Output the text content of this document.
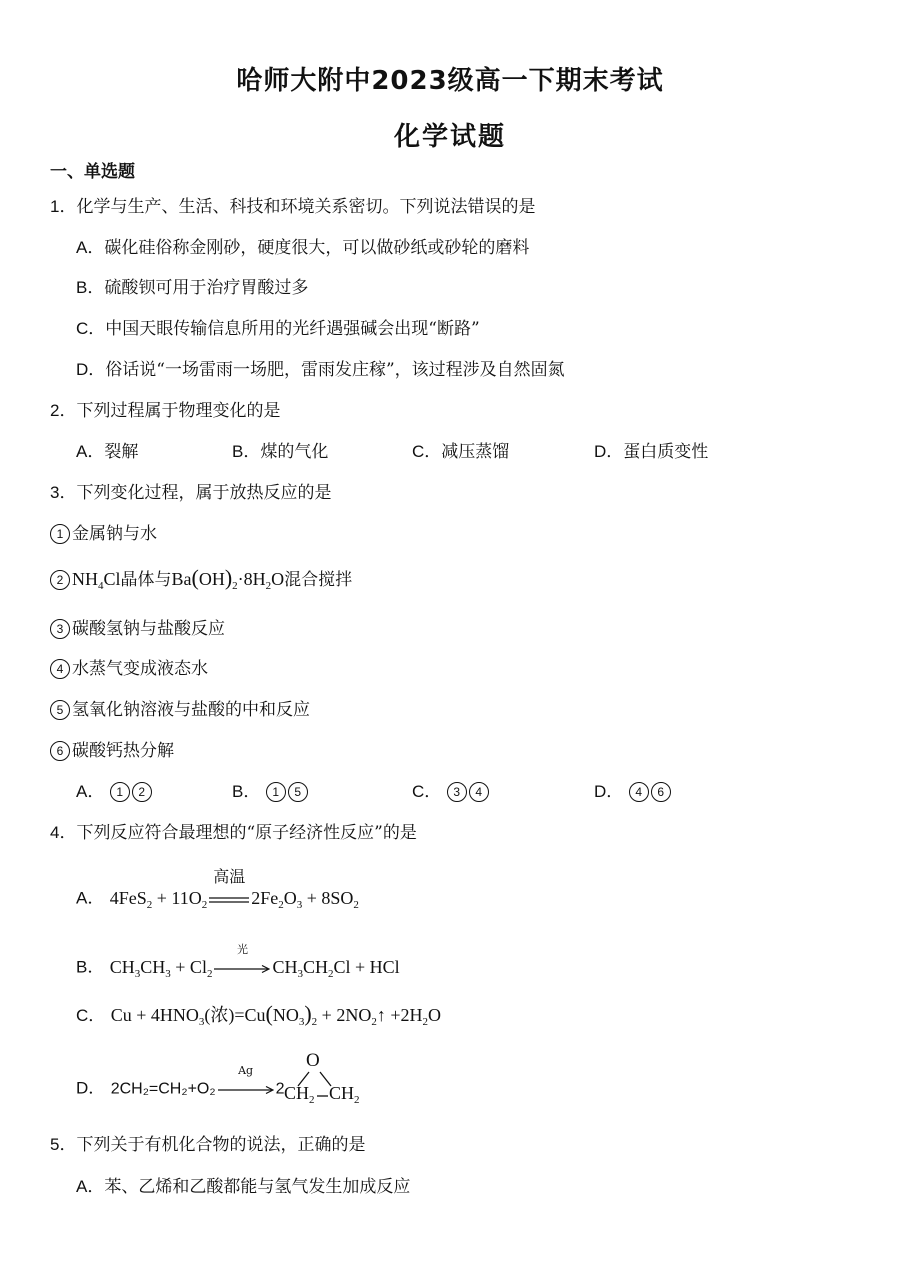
哈师大附中2023级高一下期末考试
化学试题
一、单选题
1．化学与生产、生活、科技和环境关系密切。下列说法错误的是
A．碳化硅俗称金刚砂，硬度很大，可以做砂纸或砂轮的磨料
B．硫酸钡可用于治疗胃酸过多
C．中国天眼传输信息所用的光纤遇强碱会出现“断路”
D．俗话说“一场雷雨一场肥，雷雨发庄稼”，该过程涉及自然固氮
2．下列过程属于物理变化的是
A．裂解	B．煤的气化	C．减压蒸馏	D．蛋白质变性
3．下列变化过程，属于放热反应的是
1 金属钠与水
2 $NH_4Cl$晶体与$Ba(OH)_2\cdot 8H_2O$混合搅拌
3 碳酸氢钠与盐酸反应
4 水蒸气变成液态水
5 氢氧化钠溶液与盐酸的中和反应
6 碳酸钙热分解
A． 1 2	B． 1 5	C． 3 4	D． 4 6
4．下列反应符合最理想的“原子经济性反应”的是
A． $4FeS_2 + 11O_2$
高温
$2Fe_2O_3 + 8SO_2$
B． $CH_3CH_3 + Cl_2$
光
$CH_3CH_2Cl$ + HCl
C． $Cu + 4HNO_3$(浓)$=Cu(NO_3)_2$ + $2NO_2↑ +2H_2O$
D． 2CH₂=CH₂+O₂
Ag
2
O
$CH_2$ $CH_2$
5．下列关于有机化合物的说法，正确的是
A．苯、乙烯和乙酸都能与氢气发生加成反应
